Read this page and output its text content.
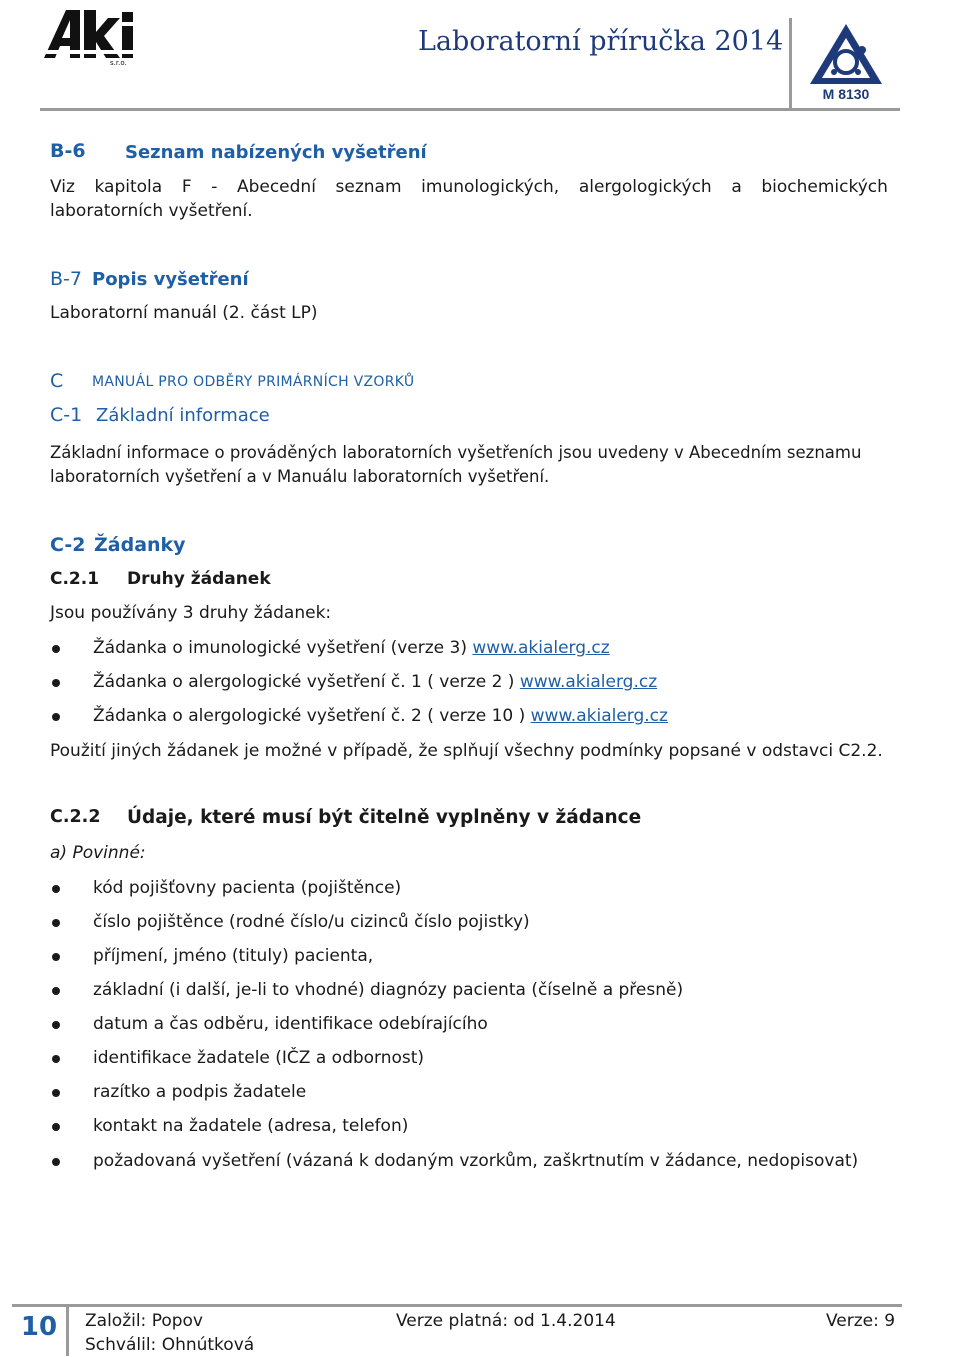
s.r.o.
Laboratorní příručka 2014
M 8130
B-6 Seznam nabízených vyšetření
Viz kapitola F - Abecední seznam imunologických, alergologických a biochemických
laboratorních vyšetření.
B-7 Popis vyšetření
Laboratorní manuál (2. část LP)
C MANUÁL PRO ODBĚRY PRIMÁRNÍCH VZORKŮ
C-1 Základní informace
Základní informace o prováděných laboratorních vyšetřeních jsou uvedeny v Abecedním seznamu
laboratorních vyšetření a v Manuálu laboratorních vyšetření.
C-2 Žádanky
C.2.1 Druhy žádanek
Jsou používány 3 druhy žádanek:
Žádanka o imunologické vyšetření (verze 3) www.akialerg.cz
Žádanka o alergologické vyšetření č. 1 ( verze 2 ) www.akialerg.cz
Žádanka o alergologické vyšetření č. 2 ( verze 10 ) www.akialerg.cz
Použití jiných žádanek je možné v případě, že splňují všechny podmínky popsané v odstavci C2.2.
C.2.2 Údaje, které musí být čitelně vyplněny v žádance
a) Povinné:
kód pojišťovny pacienta (pojištěnce)
číslo pojištěnce (rodné číslo/u cizinců číslo pojistky)
příjmení, jméno (tituly) pacienta,
základní (i další, je-li to vhodné) diagnózy pacienta (číselně a přesně)
datum a čas odběru, identifikace odebírajícího
identifikace žadatele (IČZ a odbornost)
razítko a podpis žadatele
kontakt na žadatele (adresa, telefon)
požadovaná vyšetření (vázaná k dodaným vzorkům, zaškrtnutím v žádance, nedopisovat)
10 Založil: Popov
Schválil: Ohnútková
Verze platná: od 1.4.2014	Verze: 9
